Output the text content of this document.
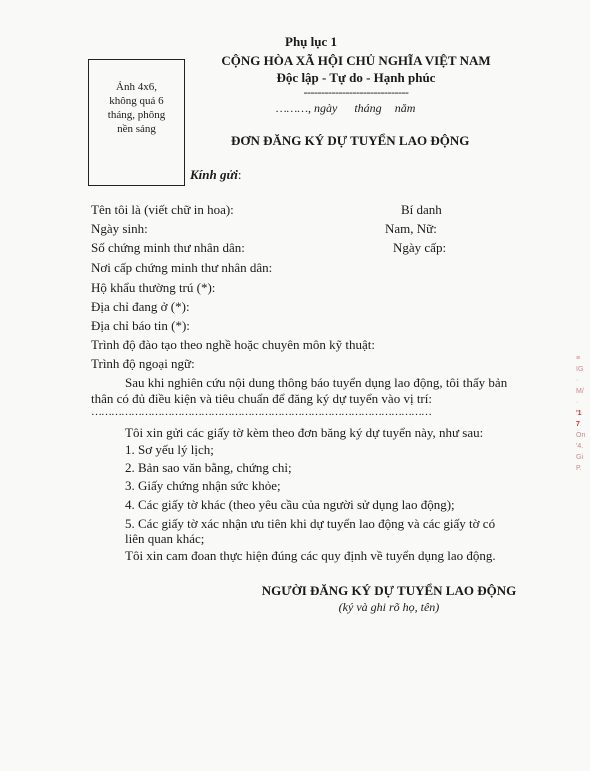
Phụ lục 1
Ảnh 4x6,
không quá 6
tháng, phông
nền sáng
CỘNG HÒA XÃ HỘI CHỦ NGHĨA VIỆT NAM
Độc lập - Tự do - Hạnh phúc
------------------------------
………, ngày tháng năm
ĐƠN ĐĂNG KÝ DỰ TUYỂN LAO ĐỘNG
Kính gửi:
Tên tôi là (viết chữ in hoa):	Bí danh
Ngày sinh:	Nam, Nữ:
Số chứng minh thư nhân dân:	Ngày cấp:
Nơi cấp chứng minh thư nhân dân:
Hộ khẩu thường trú (*):
Địa chỉ đang ở (*):
Địa chỉ báo tin (*):
Trình độ đào tạo theo nghề hoặc chuyên môn kỹ thuật:
Trình độ ngoại ngữ:
Sau khi nghiên cứu nội dung thông báo tuyển dụng lao động, tôi thấy bản
thân có đủ điều kiện và tiêu chuẩn để đăng ký dự tuyển vào vị trí:
…………………………………………………………………………………………
Tôi xin gửi các giấy tờ kèm theo đơn băng ký dự tuyển này, như sau:
1. Sơ yếu lý lịch;
2. Bản sao văn bằng, chứng chỉ;
3. Giấy chứng nhận sức khỏe;
4. Các giấy tờ khác (theo yêu cầu của người sử dụng lao động);
5. Các giấy tờ xác nhận ưu tiên khi dự tuyển lao động và các giấy tờ có
liên quan khác;
Tôi xin cam đoan thực hiện đúng các quy định về tuyển dụng lao động.
NGƯỜI ĐĂNG KÝ DỰ TUYỂN LAO ĐỘNG
(ký và ghi rõ họ, tên)
≡
IG
·
M/
·
'1
7
On
'4.
Gi
P.
